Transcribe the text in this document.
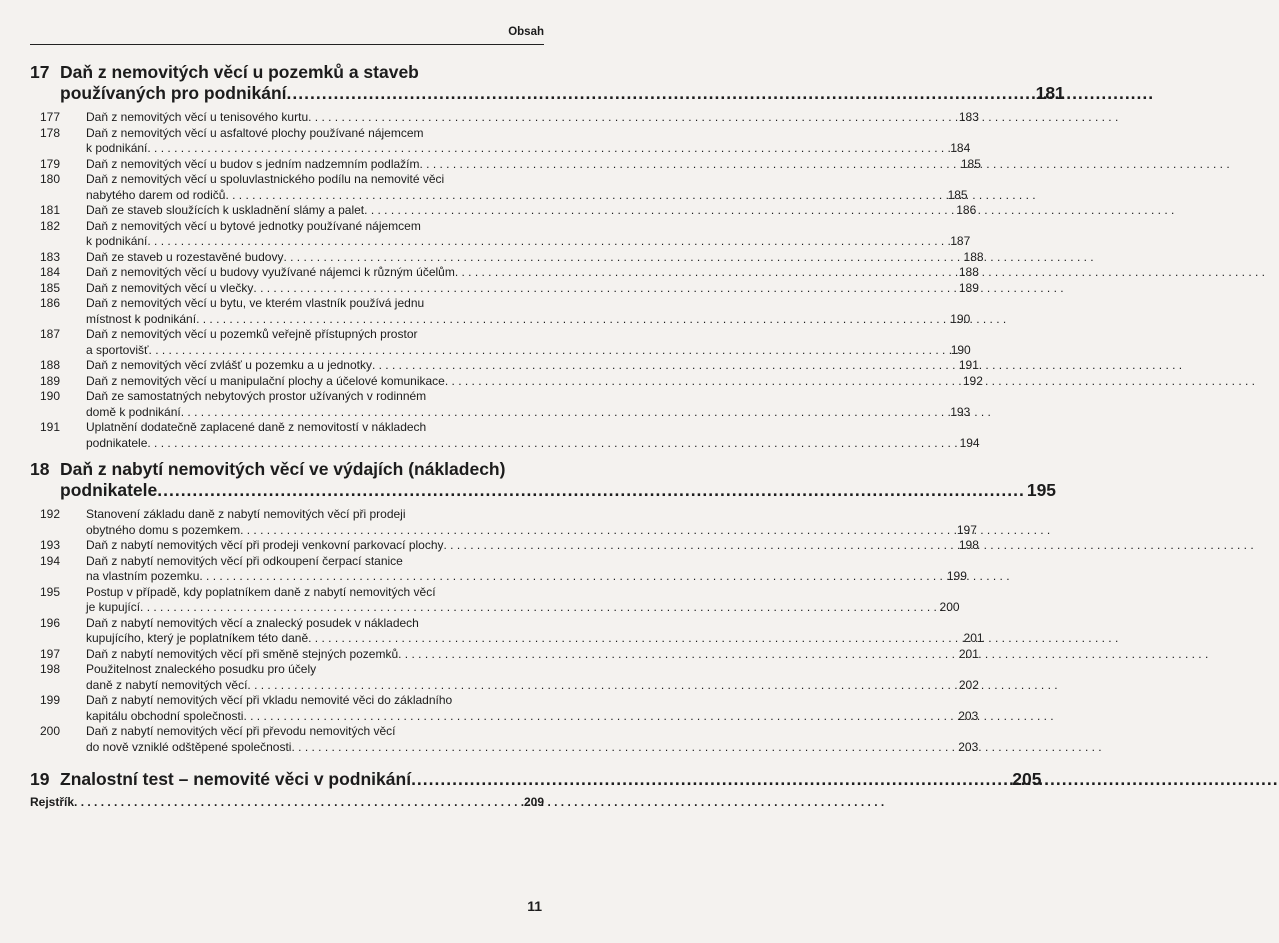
Obsah
17 Daň z nemovitých věcí u pozemků a staveb
používaných pro podnikání .....	181
177	Daň z nemovitých věcí u tenisového kurtu . . .	183
178	Daň z nemovitých věcí u asfaltové plochy používané nájemcem
k podnikání . . .	184
179	Daň z nemovitých věcí u budov s jedním nadzemním podlažím . . .	185
180	Daň z nemovitých věcí u spoluvlastnického podílu na nemovité věci
nabytého darem od rodičů . . .	185
181	Daň ze staveb sloužících k uskladnění slámy a palet . . .	186
182	Daň z nemovitých věcí u bytové jednotky používané nájemcem
k podnikání . . .	187
183	Daň ze staveb u rozestavěné budovy . . .	188
184	Daň z nemovitých věcí u budovy využívané nájemci k různým účelům . . .	188
185	Daň z nemovitých věcí u vlečky . . .	189
186	Daň z nemovitých věcí u bytu, ve kterém vlastník používá jednu
místnost k podnikání . . .	190
187	Daň z nemovitých věcí u pozemků veřejně přístupných prostor
a sportovišť . . .	190
188	Daň z nemovitých věcí zvlášť u pozemku a u jednotky . . .	191
189	Daň z nemovitých věcí u manipulační plochy a účelové komunikace . . .	192
190	Daň ze samostatných nebytových prostor užívaných v rodinném
domě k podnikání . . .	193
191	Uplatnění dodatečně zaplacené daně z nemovitostí v nákladech
podnikatele . . .	194
18 Daň z nabytí nemovitých věcí ve výdajích (nákladech)
podnikatele .....	195
192	Stanovení základu daně z nabytí nemovitých věcí při prodeji
obytného domu s pozemkem . . .	197
193	Daň z nabytí nemovitých věcí při prodeji venkovní parkovací plochy . . .	198
194	Daň z nabytí nemovitých věcí při odkoupení čerpací stanice
na vlastním pozemku . . .	199
195	Postup v případě, kdy poplatníkem daně z nabytí nemovitých věcí
je kupující . . .	200
196	Daň z nabytí nemovitých věcí a znalecký posudek v nákladech
kupujícího, který je poplatníkem této daně . . .	201
197	Daň z nabytí nemovitých věcí při směně stejných pozemků . . .	201
198	Použitelnost znaleckého posudku pro účely
daně z nabytí nemovitých věcí . . .	202
199	Daň z nabytí nemovitých věcí při vkladu nemovité věci do základního
kapitálu obchodní společnosti . . .	203
200	Daň z nabytí nemovitých věcí při převodu nemovitých věcí
do nově vzniklé odštěpené společnosti . . .	203
19 Znalostní test – nemovité věci v podnikání .....	205
Rejstřík . . .	209
11
